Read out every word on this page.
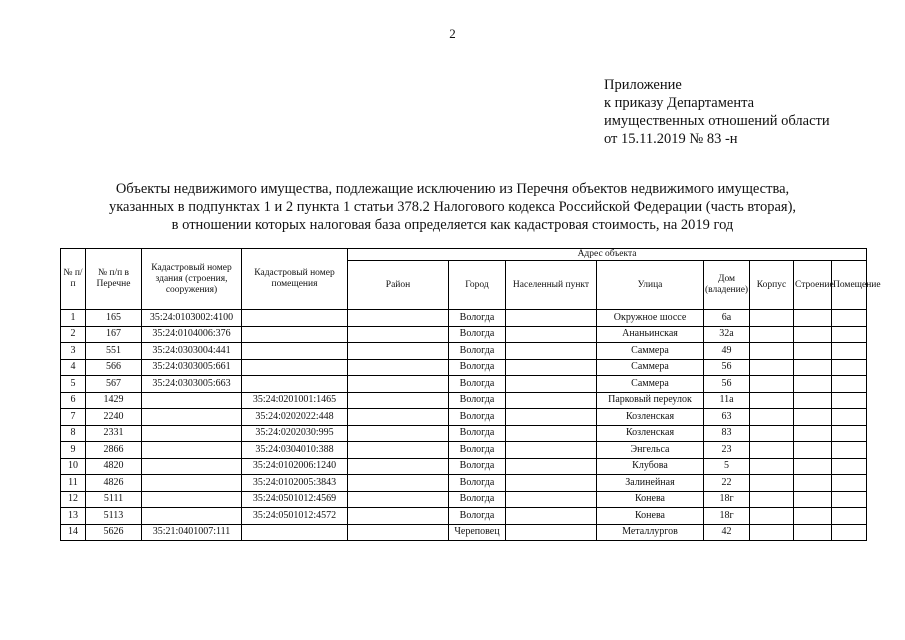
2
Приложение
к приказу Департамента
имущественных отношений области
от 15.11.2019 № 83 -н
Объекты недвижимого имущества, подлежащие исключению из Перечня объектов недвижимого имущества,
указанных в подпунктах 1 и 2 пункта 1 статьи 378.2 Налогового кодекса Российской Федерации (часть вторая),
в отношении которых налоговая база определяется как кадастровая стоимость, на 2019 год
№ п/п	№ п/п в Перечне	Кадастровый номер здания (строения, сооружения)	Кадастровый номер помещения	Адрес объекта							
				Район	Город	Населенный пункт	Улица	Дом (владение)	Корпус	Строение	Помещение
1	165	35:24:0103002:4100			Вологда		Окружное шоссе	6а			
2	167	35:24:0104006:376			Вологда		Ананьинская	32а			
3	551	35:24:0303004:441			Вологда		Саммера	49			
4	566	35:24:0303005:661			Вологда		Саммера	56			
5	567	35:24:0303005:663			Вологда		Саммера	56			
6	1429		35:24:0201001:1465		Вологда		Парковый переулок	11а			
7	2240		35:24:0202022:448		Вологда		Козленская	63			
8	2331		35:24:0202030:995		Вологда		Козленская	83			
9	2866		35:24:0304010:388		Вологда		Энгельса	23			
10	4820		35:24:0102006:1240		Вологда		Клубова	5			
11	4826		35:24:0102005:3843		Вологда		Залинейная	22			
12	5111		35:24:0501012:4569		Вологда		Конева	18г			
13	5113		35:24:0501012:4572		Вологда		Конева	18г			
14	5626	35:21:0401007:111			Череповец		Металлургов	42			
